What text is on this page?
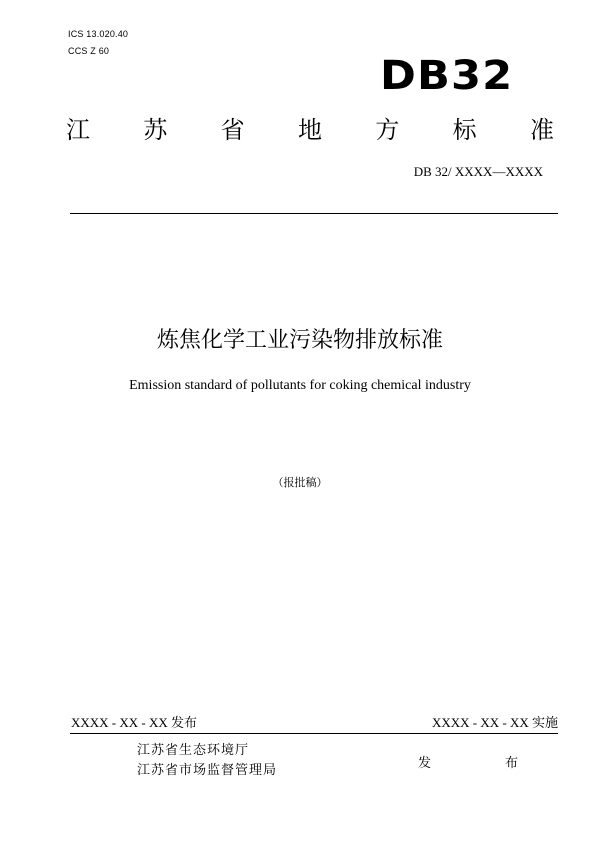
ICS 13.020.40
CCS Z 60
DB32
江 苏 省 地 方 标 准
DB 32/ XXXX—XXXX
炼焦化学工业污染物排放标准
Emission standard of pollutants for coking chemical industry
（报批稿）
XXXX - XX - XX 发布	XXXX - XX - XX 实施
江苏省生态环境厅
江苏省市场监督管理局	发	布
